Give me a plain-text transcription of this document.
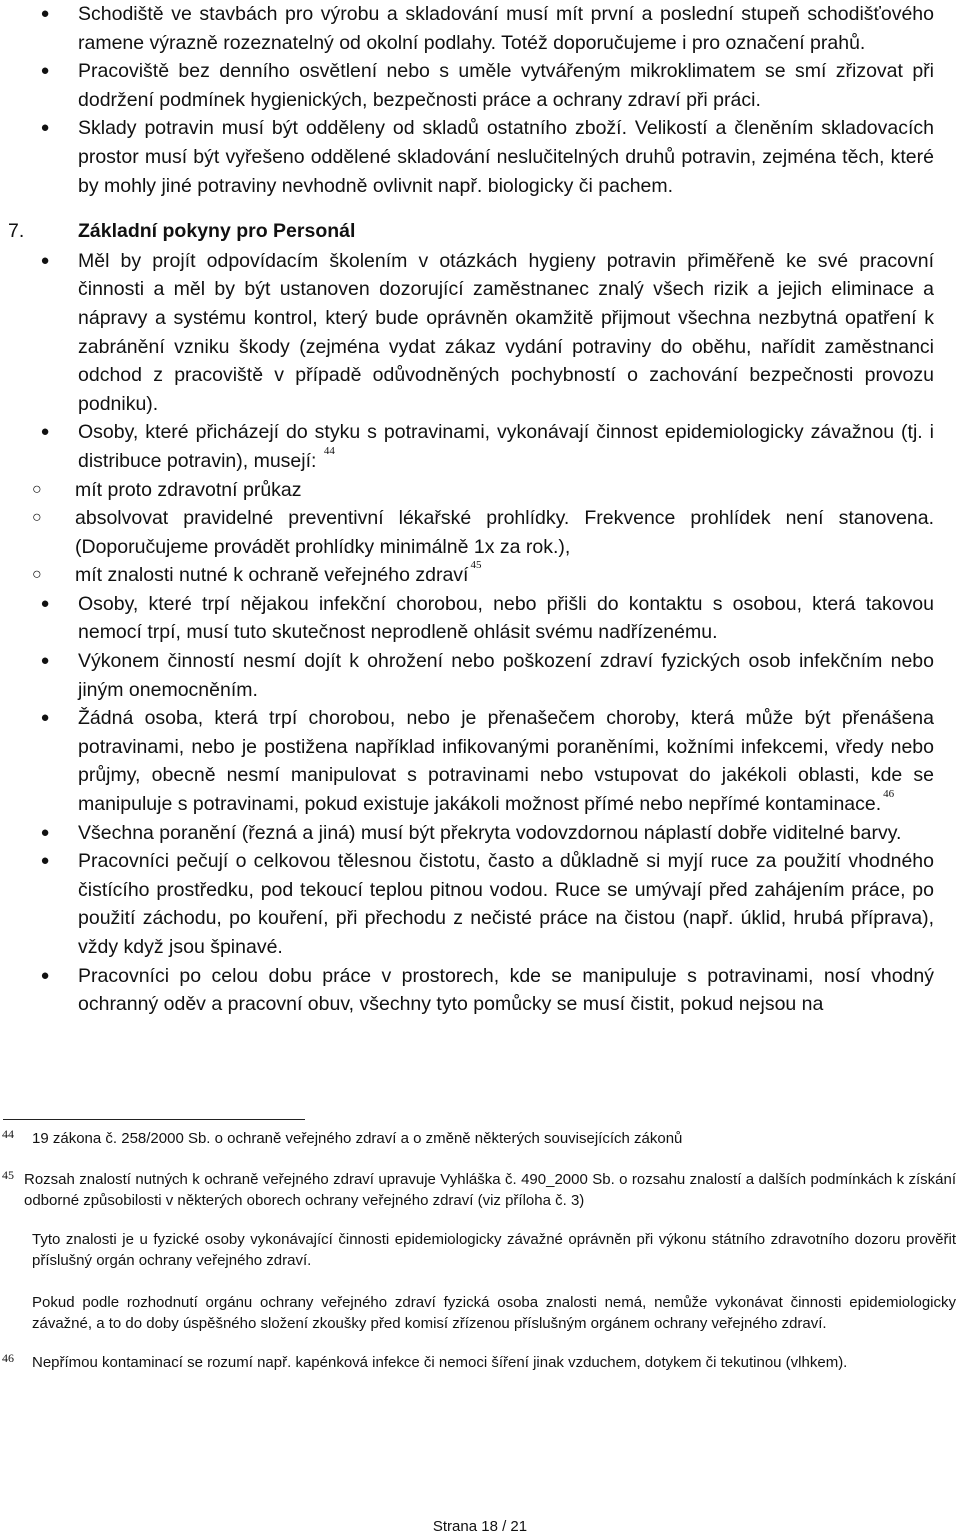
● Schodiště ve stavbách pro výrobu a skladování musí mít první a poslední stupeň schodišťového ramene výrazně rozeznatelný od okolní podlahy. Totéž doporučujeme i pro označení prahů.
● Pracoviště bez denního osvětlení nebo s uměle vytvářeným mikroklimatem se smí zřizovat při dodržení podmínek hygienických, bezpečnosti práce a ochrany zdraví při práci.
● Sklady potravin musí být odděleny od skladů ostatního zboží. Velikostí a členěním skladovacích prostor musí být vyřešeno oddělené skladování neslučitelných druhů potravin, zejména těch, které by mohly jiné potraviny nevhodně ovlivnit např. biologicky či pachem.
7.	Základní pokyny pro Personál
● Měl by projít odpovídacím školením v otázkách hygieny potravin přiměřeně ke své pracovní činnosti a měl by být ustanoven dozorující zaměstnanec znalý všech rizik a jejich eliminace a nápravy a systému kontrol, který bude oprávněn okamžitě přijmout všechna nezbytná opatření k zabránění vzniku škody (zejména vydat zákaz vydání potraviny do oběhu, nařídit zaměstnanci odchod z pracoviště v případě odůvodněných pochybností o zachování bezpečnosti provozu podniku).
● Osoby, které přicházejí do styku s potravinami, vykonávají činnost epidemiologicky závažnou (tj. i distribuce potravin), musejí: $^{44}$
○ mít proto zdravotní průkaz
○ absolvovat pravidelné preventivní lékařské prohlídky. Frekvence prohlídek není stanovena. (Doporučujeme provádět prohlídky minimálně 1x za rok.),
○ mít znalosti nutné k ochraně veřejného zdraví $^{45}$
● Osoby, které trpí nějakou infekční chorobou, nebo přišli do kontaktu s osobou, která takovou nemocí trpí, musí tuto skutečnost neprodleně ohlásit svému nadřízenému.
● Výkonem činností nesmí dojít k ohrožení nebo poškození zdraví fyzických osob infekčním nebo jiným onemocněním.
● Žádná osoba, která trpí chorobou, nebo je přenašečem choroby, která může být přenášena potravinami, nebo je postižena například infikovanými poraněními, kožními infekcemi, vředy nebo průjmy, obecně nesmí manipulovat s potravinami nebo vstupovat do jakékoli oblasti, kde se manipuluje s potravinami, pokud existuje jakákoli možnost přímé nebo nepřímé kontaminace. $^{46}$
● Všechna poranění (řezná a jiná) musí být překryta vodovzdornou náplastí dobře viditelné barvy.
● Pracovníci pečují o celkovou tělesnou čistotu, často a důkladně si myjí ruce za použití vhodného čistícího prostředku, pod tekoucí teplou pitnou vodou. Ruce se umývají před zahájením práce, po použití záchodu, po kouření, při přechodu z nečisté práce na čistou (např. úklid, hrubá příprava), vždy když jsou špinavé.
● Pracovníci po celou dobu práce v prostorech, kde se manipuluje s potravinami, nosí vhodný ochranný oděv a pracovní obuv, všechny tyto pomůcky se musí čistit, pokud nejsou na
44 19 zákona č. 258/2000 Sb. o ochraně veřejného zdraví a o změně některých souvisejících zákonů
45 Rozsah znalostí nutných k ochraně veřejného zdraví upravuje Vyhláška č. 490_2000 Sb. o rozsahu znalostí a dalších podmínkách k získání odborné způsobilosti v některých oborech ochrany veřejného zdraví (viz příloha č. 3)
Tyto znalosti je u fyzické osoby vykonávající činnosti epidemiologicky závažné oprávněn při výkonu státního zdravotního dozoru prověřit příslušný orgán ochrany veřejného zdraví.
Pokud podle rozhodnutí orgánu ochrany veřejného zdraví fyzická osoba znalosti nemá, nemůže vykonávat činnosti epidemiologicky závažné, a to do doby úspěšného složení zkoušky před komisí zřízenou příslušným orgánem ochrany veřejného zdraví.
46 Nepřímou kontaminací se rozumí např. kapénková infekce či nemoci šíření jinak vzduchem, dotykem či tekutinou (vlhkem).
Strana 18 / 21
